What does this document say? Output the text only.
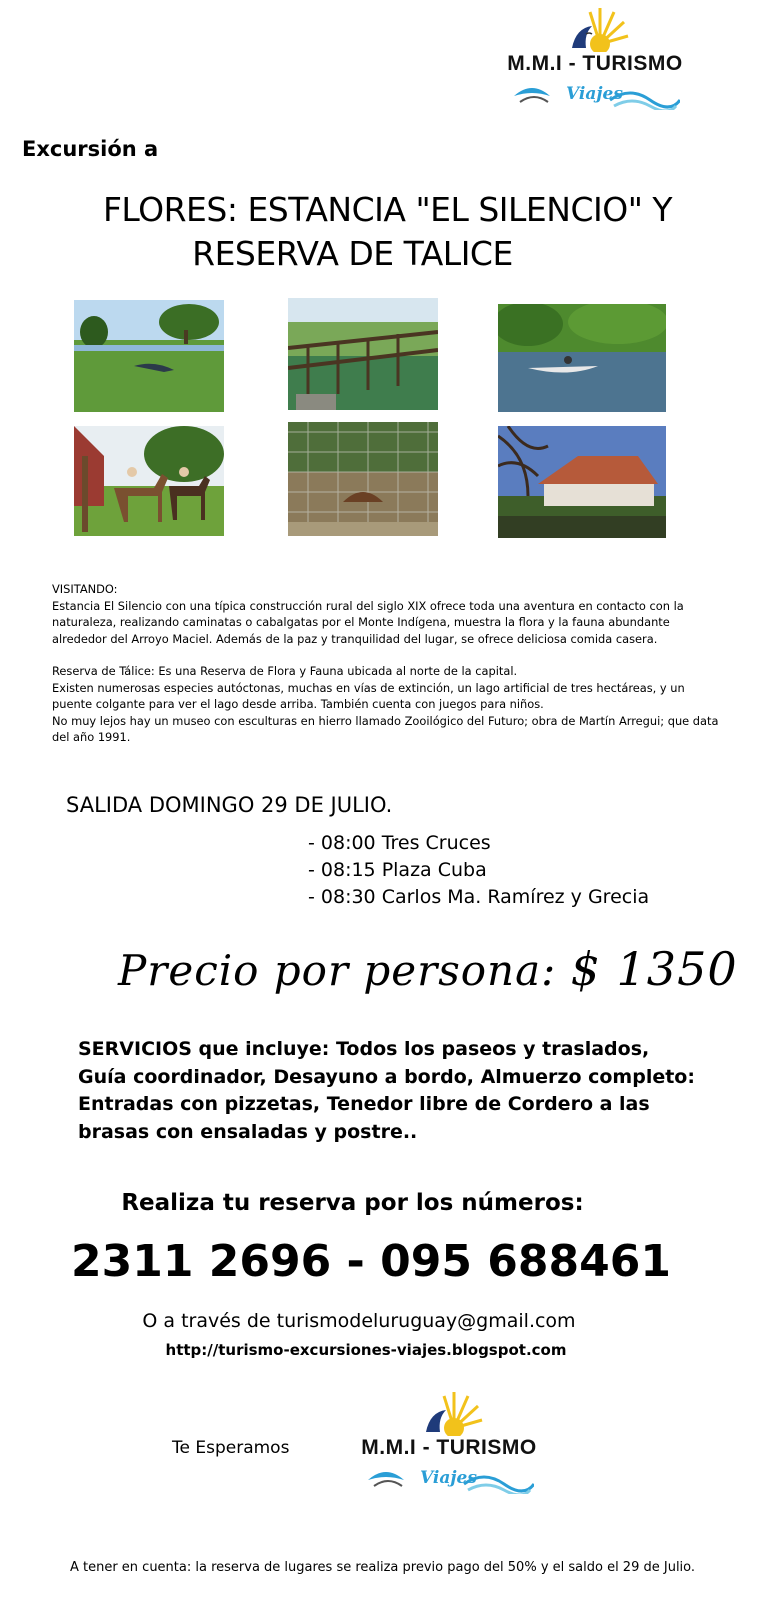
M.M.I - TURISMO
Viajes
Excursión a
FLORES: ESTANCIA "EL SILENCIO" Y
RESERVA DE TALICE

VISITANDO:

Estancia El Silencio con una típica construcción rural del siglo XIX ofrece toda una aventura en contacto con la naturaleza, realizando caminatas o cabalgatas por el Monte Indígena, muestra la flora y la fauna abundante alrededor del Arroyo Maciel. Además de la paz y tranquilidad del lugar, se ofrece deliciosa comida casera.

Reserva de Tálice: Es una Reserva de Flora y Fauna ubicada al norte de la capital.

Existen numerosas especies autóctonas, muchas en vías de extinción, un lago artificial de tres hectáreas, y un puente colgante para ver el lago desde arriba. También cuenta con juegos para niños.

No muy lejos hay un museo con esculturas en hierro llamado Zooilógico del Futuro; obra de Martín Arregui; que data del año 1991.

SALIDA DOMINGO 29 DE JULIO.
- 08:00 Tres Cruces
- 08:15 Plaza Cuba
- 08:30 Carlos Ma. Ramírez y Grecia
Precio por persona: $ 1350
SERVICIOS que incluye: Todos los paseos y traslados, Guía coordinador, Desayuno a bordo, Almuerzo completo: Entradas con pizzetas, Tenedor libre de Cordero a las brasas con ensaladas y postre..
Realiza tu reserva por los números:
2311 2696 - 095 688461
O a través de turismodeluruguay@gmail.com
http://turismo-excursiones-viajes.blogspot.com
Te Esperamos	M.M.I - TURISMO
Viajes
A tener en cuenta: la reserva de lugares se realiza previo pago del 50% y el saldo el 29 de Julio.
